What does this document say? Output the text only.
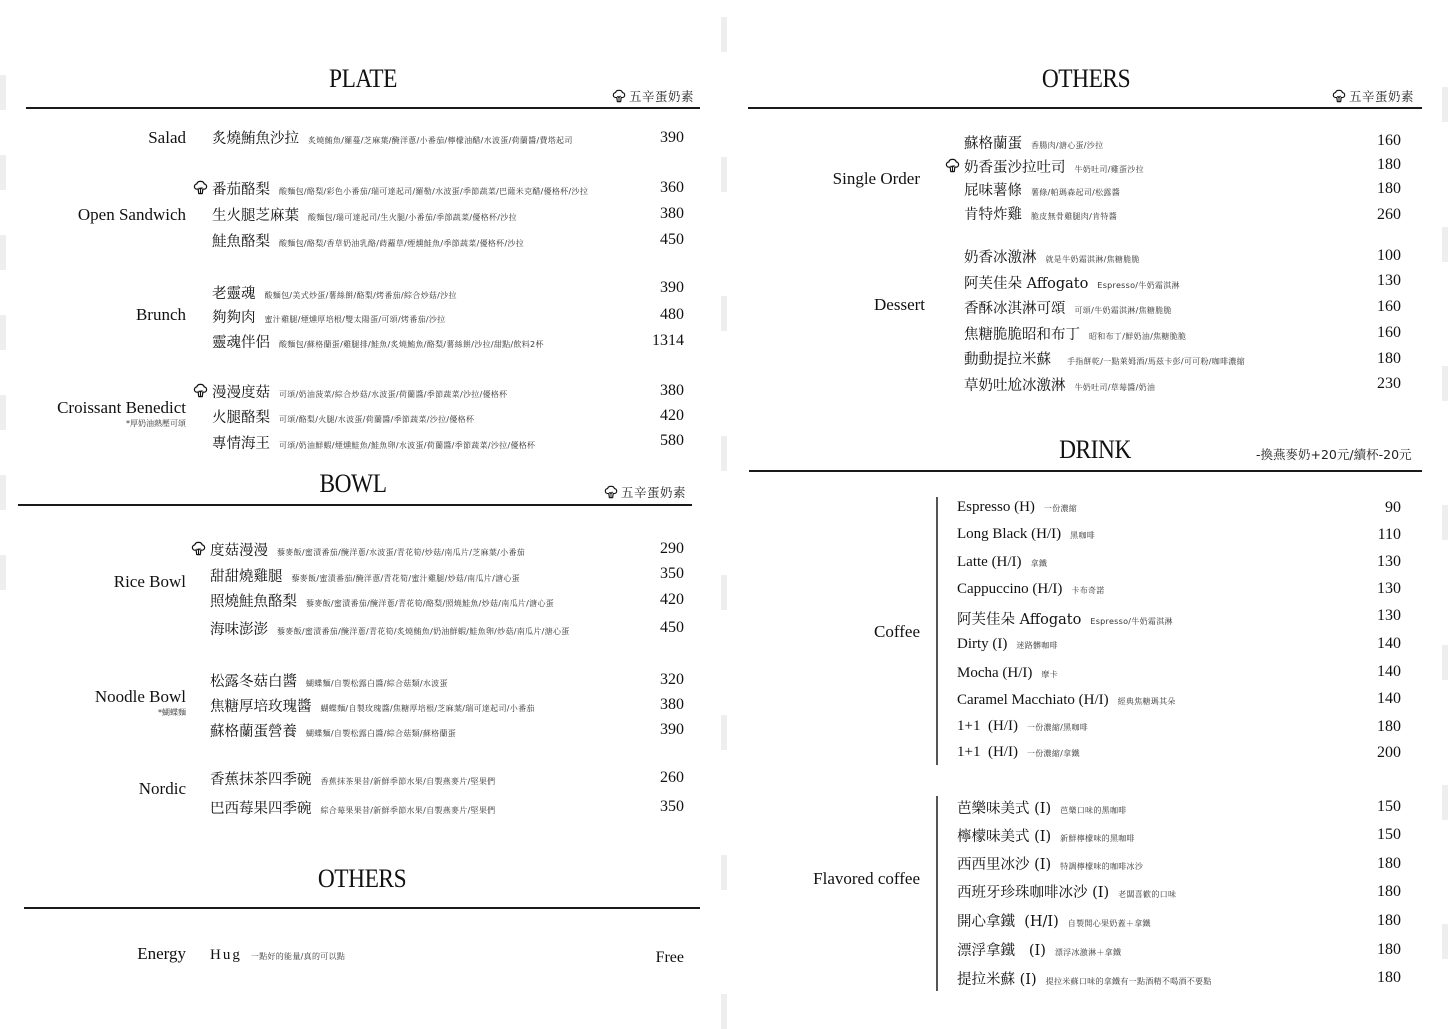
PLATE
五辛蛋奶素
Salad 炙燒鮪魚沙拉 炙燒鮪魚/羅蔓/芝麻葉/醃洋蔥/小番茄/檸檬油醋/水波蛋/荷蘭醬/費塔起司	390
Open Sandwich
番茄酪梨 酸麵包/酪梨/彩色小番茄/瑞可達起司/羅勒/水波蛋/季節蔬菜/巴薩米克醋/優格杯/沙拉	360
生火腿芝麻葉 酸麵包/瑞可達起司/生火腿/小番茄/季節蔬菜/優格杯/沙拉	380
鮭魚酪梨 酸麵包/酪梨/香草奶油乳酪/蒔蘿草/煙燻鮭魚/季節蔬菜/優格杯/沙拉	450
Brunch
老靈魂 酸麵包/美式炒蛋/薯絲餅/酪梨/烤番茄/綜合炒菇/沙拉	390
夠夠肉 蜜汁雞腿/煙燻厚培根/雙太陽蛋/可頌/烤番茄/沙拉	480
靈魂伴侶 酸麵包/蘇格蘭蛋/雞腿排/鮭魚/炙燒鮪魚/酪梨/薯絲餅/沙拉/甜點/飲料2杯	1314
Croissant Benedict
*厚奶油熱壓可頌
漫漫度菇 可頌/奶油菠菜/綜合炒菇/水波蛋/荷蘭醬/季節蔬菜/沙拉/優格杯	380
火腿酪梨 可頌/酪梨/火腿/水波蛋/荷蘭醬/季節蔬菜/沙拉/優格杯	420
專情海王 可頌/奶油鮮蝦/煙燻鮭魚/鮭魚卵/水波蛋/荷蘭醬/季節蔬菜/沙拉/優格杯	580
BOWL	五辛蛋奶素
Rice Bowl
度菇漫漫 藜麥飯/蜜漬番茄/醃洋蔥/水波蛋/青花筍/炒菇/南瓜片/芝麻葉/小番茄	290
甜甜燒雞腿 藜麥飯/蜜漬番茄/醃洋蔥/青花筍/蜜汁雞腿/炒菇/南瓜片/溏心蛋	350
照燒鮭魚酪梨 藜麥飯/蜜漬番茄/醃洋蔥/青花筍/酪梨/照燒鮭魚/炒菇/南瓜片/溏心蛋	420
海味澎澎 藜麥飯/蜜漬番茄/醃洋蔥/青花筍/炙燒鮪魚/奶油鮮蝦/鮭魚卵/炒菇/南瓜片/溏心蛋	450
Noodle Bowl
*蝴蝶麵
松露冬菇白醬 蝴蝶麵/自製松露白醬/綜合菇類/水波蛋	320
焦糖厚培玫瑰醬 蝴蝶麵/自製玫瑰醬/焦糖厚培根/芝麻葉/瑞可達起司/小番茄	380
蘇格蘭蛋營養 蝴蝶麵/自製松露白醬/綜合菇類/蘇格蘭蛋	390
Nordic 香蕉抹茶四季碗 香蕉抹茶果昔/新鮮季節水果/自製燕麥片/堅果們	260
巴西莓果四季碗 綜合莓果果昔/新鮮季節水果/自製燕麥片/堅果們	350
OTHERS
Energy Hug 一點好的能量/真的可以點	Free
OTHERS
五辛蛋奶素
Single Order
蘇格蘭蛋 香腸肉/溏心蛋/沙拉	160
奶香蛋沙拉吐司 牛奶吐司/雞蛋沙拉	180
屁味薯條 薯條/帕瑪森起司/松露醬	180
肯特炸雞 脆皮無骨雞腿肉/肯特醬	260
Dessert
奶香冰激淋 就是牛奶霜淇淋/焦糖脆脆	100
阿芙佳朵 Affogato Espresso/牛奶霜淇淋	130
香酥冰淇淋可頌 可頌/牛奶霜淇淋/焦糖脆脆	160
焦糖脆脆昭和布丁 昭和布丁/鮮奶油/焦糖脆脆	160
動動提拉米蘇 手指餅乾/一點萊姆酒/馬茲卡彭/可可粉/咖啡濃縮	180
草奶吐尬冰激淋 牛奶吐司/草莓醬/奶油	230
DRINK	-換燕麥奶+20元/續杯-20元
Coffee
Espresso (H) 一份濃縮	90
Long Black (H/I) 黑咖啡	110
Latte (H/I) 拿鐵	130
Cappuccino (H/I) 卡布奇諾	130
阿芙佳朵 Affogato Espresso/牛奶霜淇淋	130
Dirty (I) 迷路髒咖啡	140
Mocha (H/I) 摩卡	140
Caramel Macchiato (H/I) 經典焦糖瑪其朵	140
1+1  (H/I) 一份濃縮/黑咖啡	180
1+1  (H/I) 一份濃縮/拿鐵	200
Flavored coffee
芭樂味美式 (I) 芭樂口味的黑咖啡	150
檸檬味美式 (I) 新鮮檸檬味的黑咖啡	150
西西里冰沙 (I) 特調檸檬味的咖啡冰沙	180
西班牙珍珠咖啡冰沙 (I) 老闆喜歡的口味	180
開心拿鐵  (H/I) 自製開心果奶蓋＋拿鐵	180
漂浮拿鐵   (I) 漂浮冰激淋＋拿鐵	180
提拉米蘇 (I) 提拉米蘇口味的拿鐵有一點酒精不喝酒不要點	180
